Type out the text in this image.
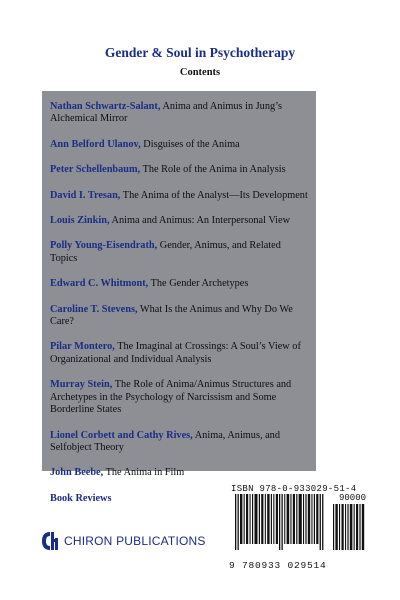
Gender & Soul in Psychotherapy
Contents
Nathan Schwartz-Salant, Anima and Animus in Jung’s Alchemical Mirror
Ann Belford Ulanov, Disguises of the Anima
Peter Schellenbaum, The Role of the Anima in Analysis
David I. Tresan, The Anima of the Analyst—Its Development
Louis Zinkin, Anima and Animus: An Interpersonal View
Polly Young-Eisendrath, Gender, Animus, and Related Topics
Edward C. Whitmont, The Gender Archetypes
Caroline T. Stevens, What Is the Animus and Why Do We Care?
Pilar Montero, The Imaginal at Crossings: A Soul’s View of Organizational and Individual Analysis
Murray Stein, The Role of Anima/Animus Structures and Archetypes in the Psychology of Narcissism and Some Borderline States
Lionel Corbett and Cathy Rives, Anima, Animus, and Selfobject Theory
John Beebe, The Anima in Film
Book Reviews
ISBN 978-0-933029-51-4
90000
9 780933 029514
CHIRON PUBLICATIONS
